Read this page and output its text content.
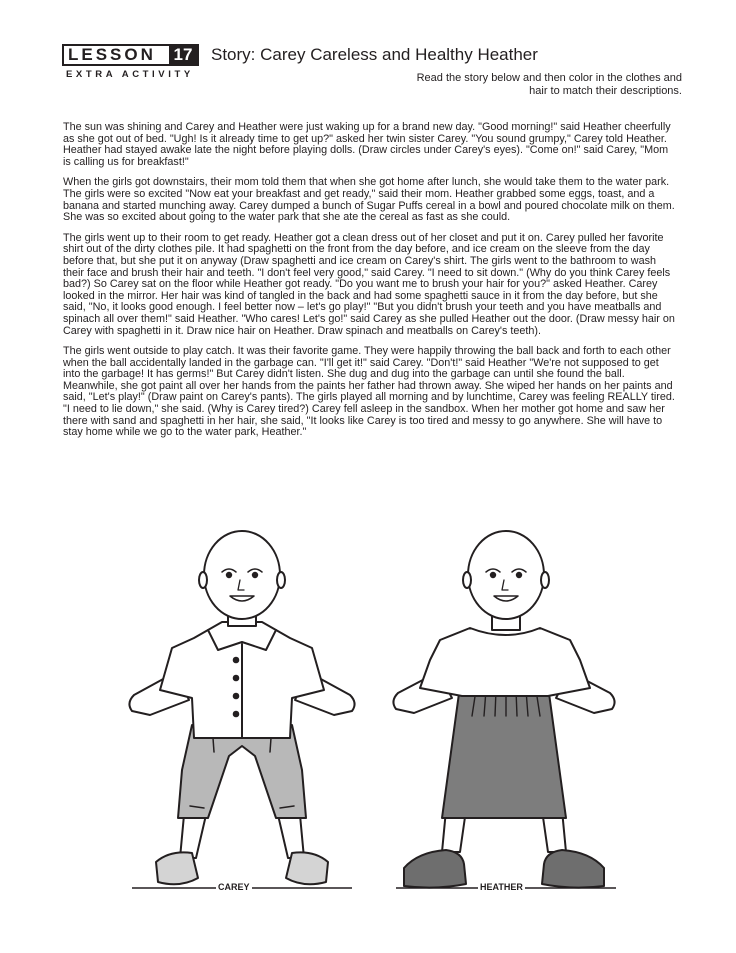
LESSON	17
EXTRA ACTIVITY
Story: Carey Careless and Healthy Heather
Read the story below and then color in the clothes and hair to match their descriptions.

The sun was shining and Carey and Heather were just waking up for a brand new day. "Good morning!" said Heather cheerfully as she got out of bed. "Ugh! Is it already time to get up?" asked her twin sister Carey. "You sound grumpy," Carey told Heather. Heather had stayed awake late the night before playing dolls. (Draw circles under Carey's eyes). "Come on!" said Carey, "Mom is calling us for breakfast!"

When the girls got downstairs, their mom told them that when she got home after lunch, she would take them to the water park. The girls were so excited "Now eat your breakfast and get ready," said their mom. Heather grabbed some eggs, toast, and a banana and started munching away. Carey dumped a bunch of Sugar Puffs cereal in a bowl and poured chocolate milk on them. She was so excited about going to the water park that she ate the cereal as fast as she could.

The girls went up to their room to get ready. Heather got a clean dress out of her closet and put it on. Carey pulled her favorite shirt out of the dirty clothes pile. It had spaghetti on the front from the day before, and ice cream on the sleeve from the day before that, but she put it on anyway (Draw spaghetti and ice cream on Carey's shirt. The girls went to the bathroom to wash their face and brush their hair and teeth. "I don't feel very good," said Carey. "I need to sit down." (Why do you think Carey feels bad?) So Carey sat on the floor while Heather got ready. "Do you want me to brush your hair for you?" asked Heather. Carey looked in the mirror. Her hair was kind of tangled in the back and had some spaghetti sauce in it from the day before, but she said, "No, it looks good enough. I feel better now – let's go play!" "But you didn't brush your teeth and you have meatballs and spinach all over them!" said Heather. "Who cares! Let's go!" said Carey as she pulled Heather out the door. (Draw messy hair on Carey with spaghetti in it. Draw nice hair on Heather. Draw spinach and meatballs on Carey's teeth).

The girls went outside to play catch. It was their favorite game. They were happily throwing the ball back and forth to each other when the ball accidentally landed in the garbage can. "I'll get it!" said Carey. "Don't!" said Heather "We're not supposed to get into the garbage! It has germs!" But Carey didn't listen. She dug and dug into the garbage can until she found the ball. Meanwhile, she got paint all over her hands from the paints her father had thrown away. She wiped her hands on her paints and said, "Let's play!" (Draw paint on Carey's pants). The girls played all morning and by lunchtime, Carey was feeling REALLY tired. "I need to lie down," she said. (Why is Carey tired?) Carey fell asleep in the sandbox. When her mother got home and saw her there with sand and spaghetti in her hair, she said, "It looks like Carey is too tired and messy to go anywhere. She will have to stay home while we go to the water park, Heather."

CAREY	HEATHER
